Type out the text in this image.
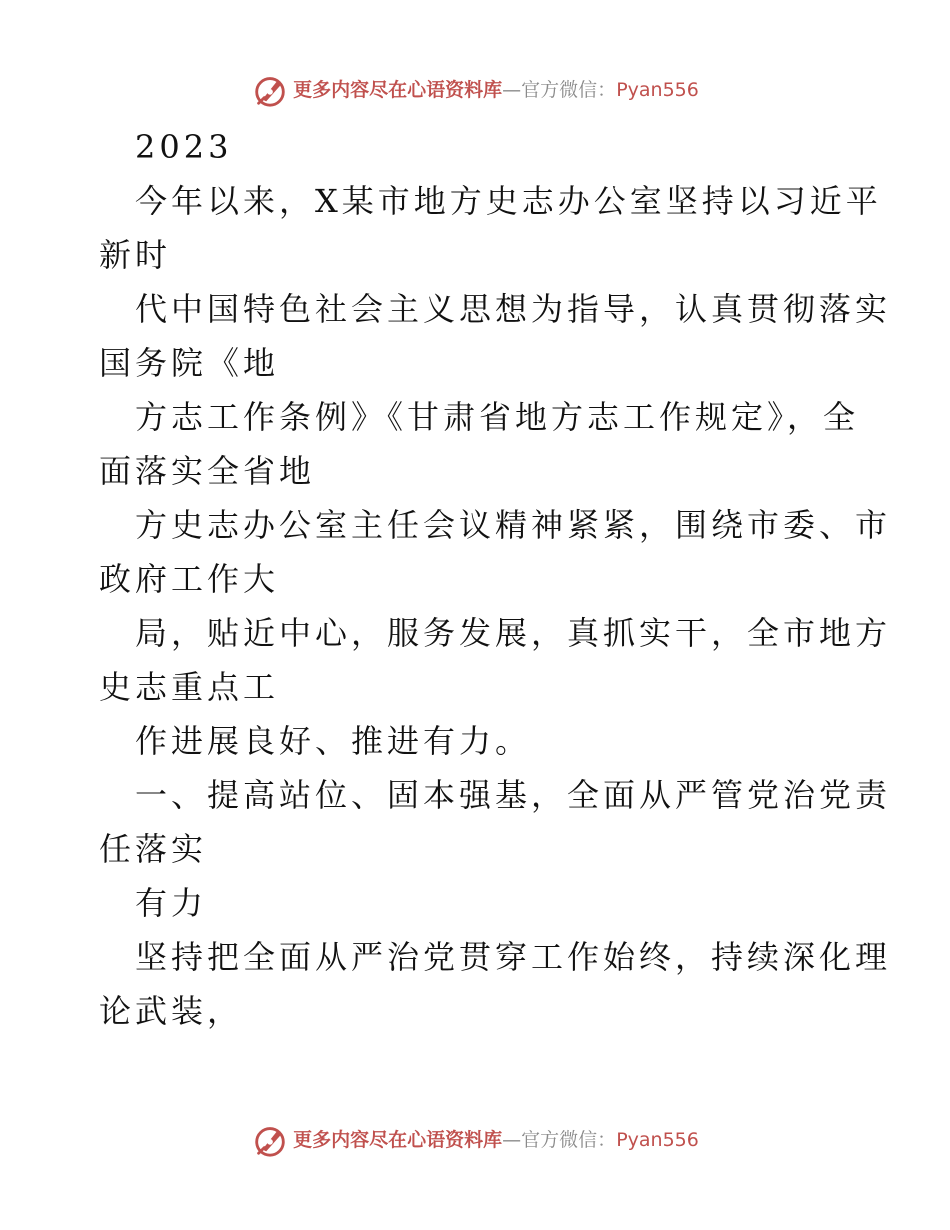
更多内容尽在心语资料库—官方微信：Pyan556
2023
今年以来，X某市地方史志办公室坚持以习近平
新时
代中国特色社会主义思想为指导，认真贯彻落实
国务院《地
方志工作条例》《甘肃省地方志工作规定》，全
面落实全省地
方史志办公室主任会议精神紧紧，围绕市委、市
政府工作大
局，贴近中心，服务发展，真抓实干，全市地方
史志重点工
作进展良好、推进有力。
一、提高站位、固本强基，全面从严管党治党责
任落实
有力
坚持把全面从严治党贯穿工作始终，持续深化理
论武装，
更多内容尽在心语资料库—官方微信：Pyan556
